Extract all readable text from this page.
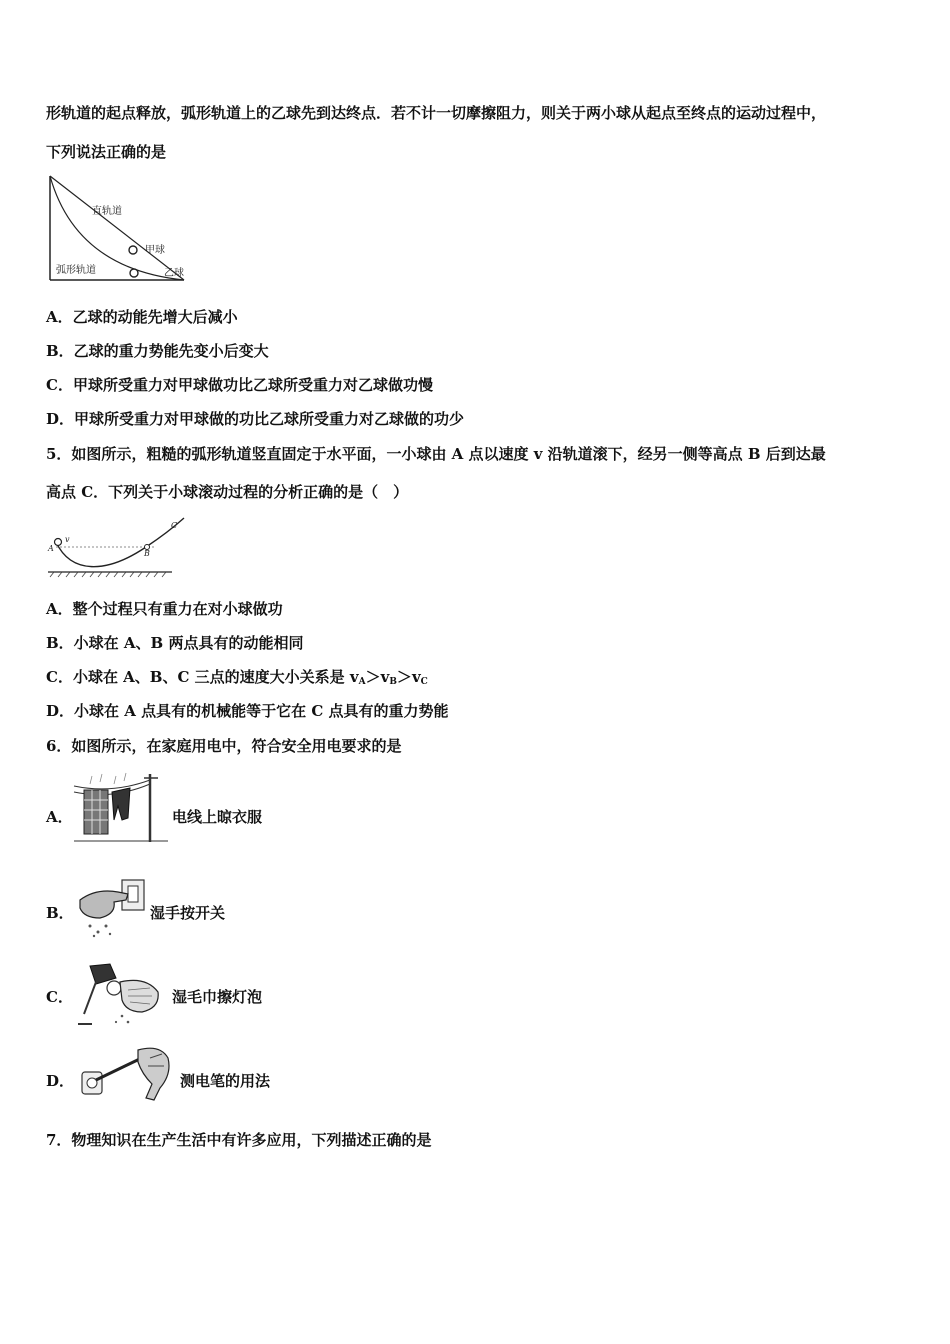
形轨道的起点释放，弧形轨道上的乙球先到达终点．若不计一切摩擦阻力，则关于两小球从起点至终点的运动过程中，
下列说法正确的是
直轨道
甲球
弧形轨道	乙球
A．乙球的动能先增大后减小
B．乙球的重力势能先变小后变大
C．甲球所受重力对甲球做功比乙球所受重力对乙球做功慢
D．甲球所受重力对甲球做的功比乙球所受重力对乙球做的功少
5．如图所示，粗糙的弧形轨道竖直固定于水平面，一小球由 A 点以速度 v 沿轨道滚下，经另一侧等高点 B 后到达最
高点 C．下列关于小球滚动过程的分析正确的是（　）
A
v
B
C
A．整个过程只有重力在对小球做功
B．小球在 A、B 两点具有的动能相同
C．小球在 A、B、C 三点的速度大小关系是 $v_A>v_B>v_C$
D．小球在 A 点具有的机械能等于它在 C 点具有的重力势能
6．如图所示，在家庭用电中，符合安全用电要求的是
A．	电线上晾衣服
B．	湿手按开关
C．	湿毛巾擦灯泡
D．	测电笔的用法
7．物理知识在生产生活中有许多应用，下列描述正确的是
